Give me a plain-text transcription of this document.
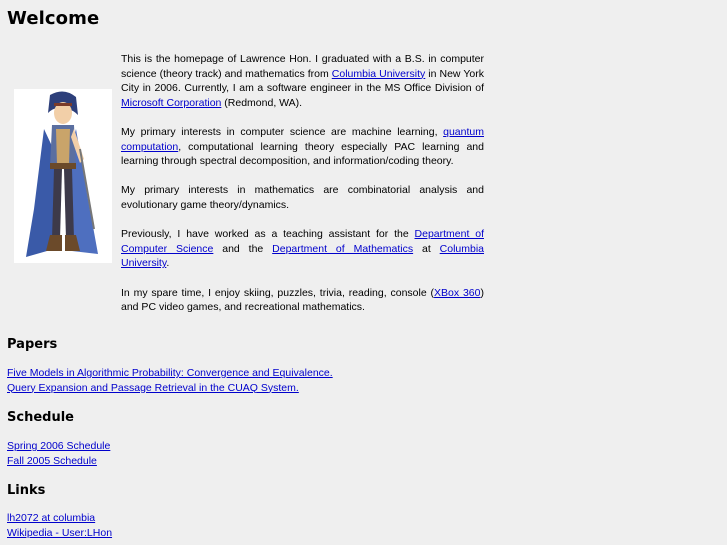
Welcome

This is the homepage of Lawrence Hon. I graduated with a B.S. in computer science (theory track) and mathematics from Columbia University in New York City in 2006. Currently, I am a software engineer in the MS Office Division of Microsoft Corporation (Redmond, WA).

My primary interests in computer science are machine learning, quantum computation, computational learning theory especially PAC learning and learning through spectral decomposition, and information/coding theory.

My primary interests in mathematics are combinatorial analysis and evolutionary game theory/dynamics.

Previously, I have worked as a teaching assistant for the Department of Computer Science and the Department of Mathematics at Columbia University.

In my spare time, I enjoy skiing, puzzles, trivia, reading, console (XBox 360) and PC video games, and recreational mathematics.

Papers
Five Models in Algorithmic Probability: Convergence and Equivalence.
Query Expansion and Passage Retrieval in the CUAQ System.
Schedule
Spring 2006 Schedule
Fall 2005 Schedule
Links
lh2072 at columbia
Wikipedia - User:LHon
